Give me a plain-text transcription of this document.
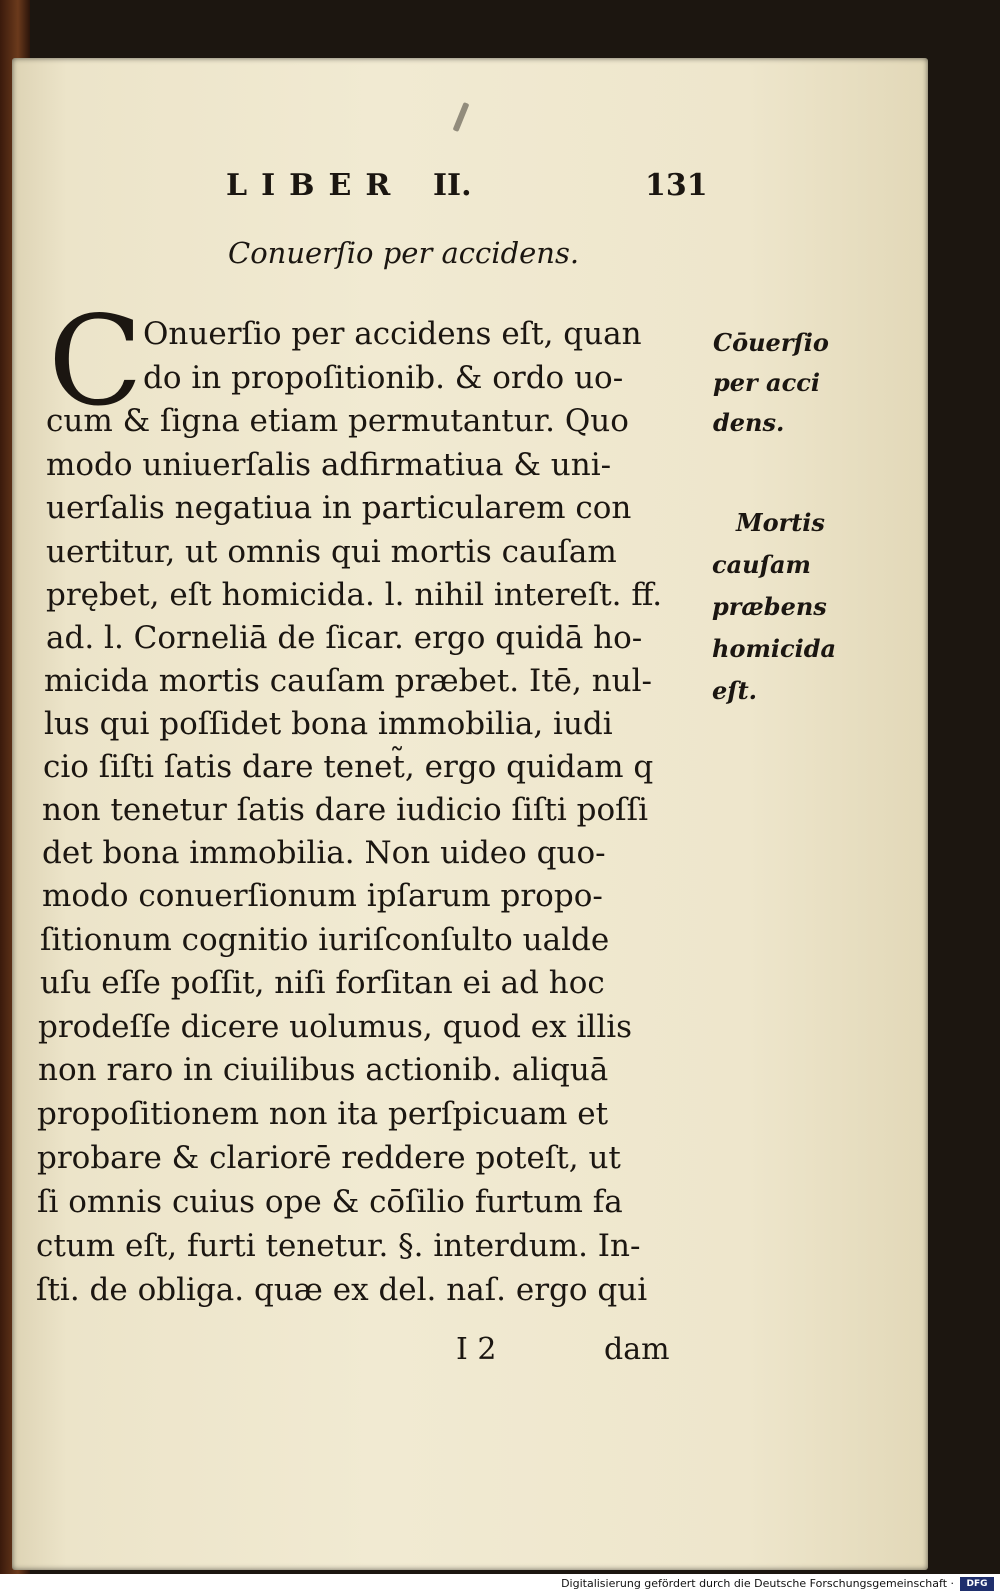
LIBER II.	131
Conuerſio per accidens.
C Onuerſio per accidens eſt, quan
do in propoſitionib. & ordo uo-
cum & ſigna etiam permutantur. Quo
modo uniuerſalis adfirmatiua & uni-
uerſalis negatiua in particularem con
uertitur, ut omnis qui mortis cauſam
prębet, eſt homicida. l. nihil intereſt. ff.
ad. l. Corneliā de ſicar. ergo quidā ho-
micida mortis cauſam præbet. Itē, nul-
lus qui poſſidet bona immobilia, iudi
cio ſiſti ſatis dare tenet̃, ergo quidam q
non tenetur ſatis dare iudicio ſiſti poſſi
det bona immobilia. Non uideo quo-
modo conuerſionum ipſarum propo-
ſitionum cognitio iuriſconſulto ualde
uſu eſſe poſſit, niſi forſitan ei ad hoc
prodeſſe dicere uolumus, quod ex illis
non raro in ciuilibus actionib. aliquā
propoſitionem non ita perſpicuam et
probare & clariorē reddere poteſt, ut
ſi omnis cuius ope & cōſilio furtum fa
ctum eſt, furti tenetur. §. interdum. In-
ſti. de obliga. quæ ex del. naſ. ergo qui
I 2	dam
Cōuerſio
per acci
dens.
Mortis
cauſam
præbens
homicida
eſt.
Digitalisierung gefördert durch die Deutsche Forschungsgemeinschaft ·	DFG
